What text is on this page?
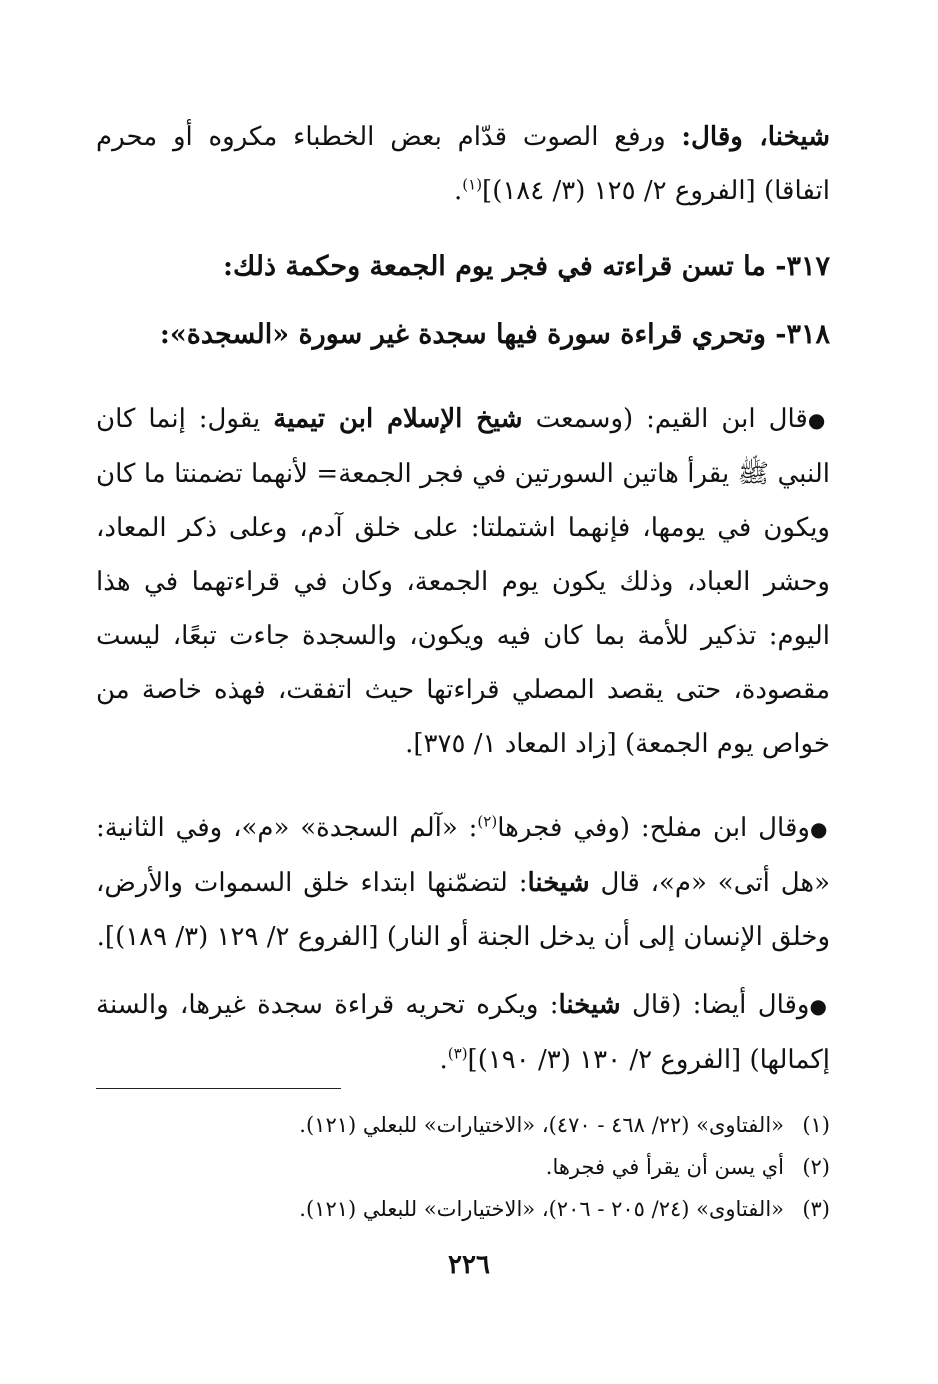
شيخنا، وقال: ورفع الصوت قدّام بعض الخطباء مكروه أو محرم اتفاقا) [الفروع ٢/ ١٢٥ (٣/ ١٨٤)]$^{(١)}$.

٣١٧- ما تسن قراءته في فجر يوم الجمعة وحكمة ذلك:

٣١٨- وتحري قراءة سورة فيها سجدة غير سورة «السجدة»:

●قال ابن القيم: (وسمعت شيخ الإسلام ابن تيمية يقول: إنما كان النبي ﷺ يقرأ هاتين السورتين في فجر الجمعة= لأنهما تضمنتا ما كان ويكون في يومها، فإنهما اشتملتا: على خلق آدم، وعلى ذكر المعاد، وحشر العباد، وذلك يكون يوم الجمعة، وكان في قراءتهما في هذا اليوم: تذكير للأمة بما كان فيه ويكون، والسجدة جاءت تبعًا، ليست مقصودة، حتى يقصد المصلي قراءتها حيث اتفقت، فهذه خاصة من خواص يوم الجمعة) [زاد المعاد ١/ ٣٧٥].

●وقال ابن مفلح: (وفي فجرها$^{(٢)}$: «آلم السجدة» «م»، وفي الثانية: «هل أتى» «م»، قال شيخنا: لتضمّنها ابتداء خلق السموات والأرض، وخلق الإنسان إلى أن يدخل الجنة أو النار) [الفروع ٢/ ١٢٩ (٣/ ١٨٩)].

●وقال أيضا: (قال شيخنا: ويكره تحريه قراءة سجدة غيرها، والسنة إكمالها) [الفروع ٢/ ١٣٠ (٣/ ١٩٠)]$^{(٣)}$.

(١)«الفتاوى» (٢٢/ ٤٦٨ - ٤٧٠)، «الاختيارات» للبعلي (١٢١).
(٢)أي يسن أن يقرأ في فجرها.
(٣)«الفتاوى» (٢٤/ ٢٠٥ - ٢٠٦)، «الاختيارات» للبعلي (١٢١).
٢٢٦
